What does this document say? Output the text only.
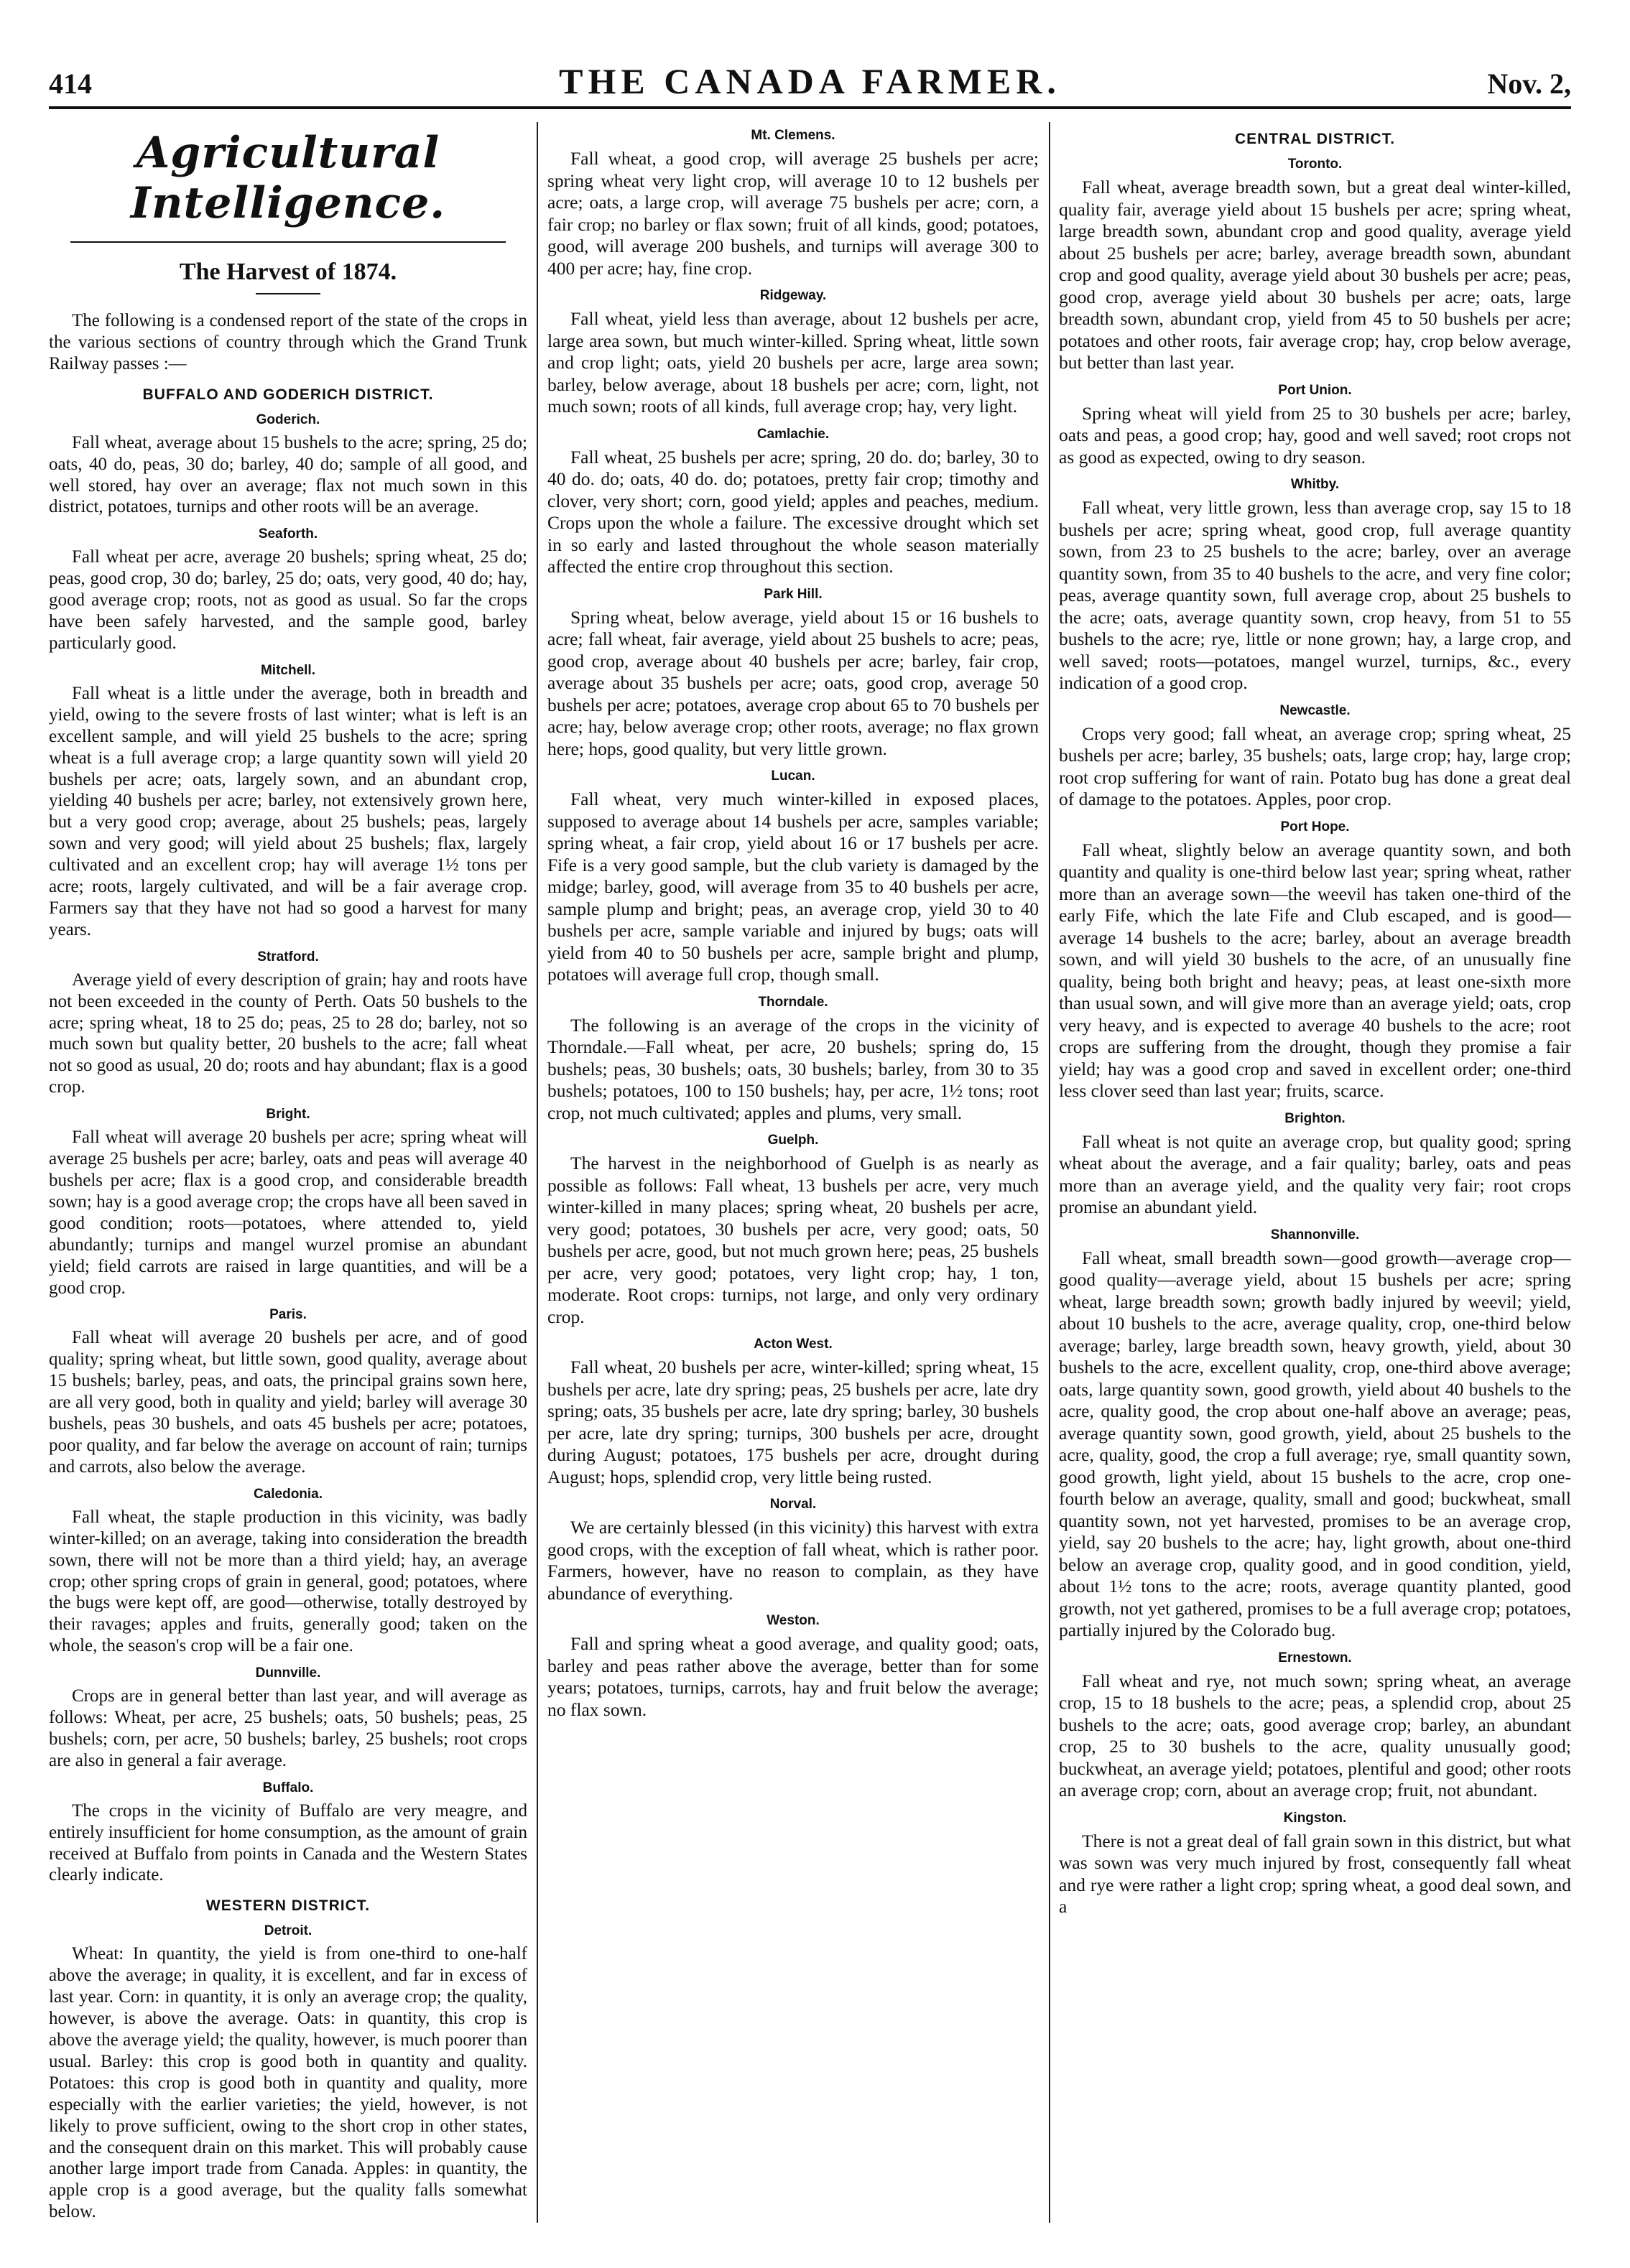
414	THE CANADA FARMER.	Nov. 2,
Agricultural Intelligence.
The Harvest of 1874.

The following is a condensed report of the state of the crops in the various sections of country through which the Grand Trunk Railway passes :—

BUFFALO AND GODERICH DISTRICT.
Goderich.

Fall wheat, average about 15 bushels to the acre; spring, 25 do; oats, 40 do, peas, 30 do; barley, 40 do; sample of all good, and well stored, hay over an average; flax not much sown in this district, potatoes, turnips and other roots will be an average.

Seaforth.

Fall wheat per acre, average 20 bushels; spring wheat, 25 do; peas, good crop, 30 do; barley, 25 do; oats, very good, 40 do; hay, good average crop; roots, not as good as usual. So far the crops have been safely harvested, and the sample good, barley particularly good.

Mitchell.

Fall wheat is a little under the average, both in breadth and yield, owing to the severe frosts of last winter; what is left is an excellent sample, and will yield 25 bushels to the acre; spring wheat is a full average crop; a large quantity sown will yield 20 bushels per acre; oats, largely sown, and an abundant crop, yielding 40 bushels per acre; barley, not extensively grown here, but a very good crop; average, about 25 bushels; peas, largely sown and very good; will yield about 25 bushels; flax, largely cultivated and an excellent crop; hay will average 1½ tons per acre; roots, largely cultivated, and will be a fair average crop. Farmers say that they have not had so good a harvest for many years.

Stratford.

Average yield of every description of grain; hay and roots have not been exceeded in the county of Perth. Oats 50 bushels to the acre; spring wheat, 18 to 25 do; peas, 25 to 28 do; barley, not so much sown but quality better, 20 bushels to the acre; fall wheat not so good as usual, 20 do; roots and hay abundant; flax is a good crop.

Bright.

Fall wheat will average 20 bushels per acre; spring wheat will average 25 bushels per acre; barley, oats and peas will average 40 bushels per acre; flax is a good crop, and considerable breadth sown; hay is a good average crop; the crops have all been saved in good condition; roots—potatoes, where attended to, yield abundantly; turnips and mangel wurzel promise an abundant yield; field carrots are raised in large quantities, and will be a good crop.

Paris.

Fall wheat will average 20 bushels per acre, and of good quality; spring wheat, but little sown, good quality, average about 15 bushels; barley, peas, and oats, the principal grains sown here, are all very good, both in quality and yield; barley will average 30 bushels, peas 30 bushels, and oats 45 bushels per acre; potatoes, poor quality, and far below the average on account of rain; turnips and carrots, also below the average.

Caledonia.

Fall wheat, the staple production in this vicinity, was badly winter-killed; on an average, taking into consideration the breadth sown, there will not be more than a third yield; hay, an average crop; other spring crops of grain in general, good; potatoes, where the bugs were kept off, are good—otherwise, totally destroyed by their ravages; apples and fruits, generally good; taken on the whole, the season's crop will be a fair one.

Dunnville.

Crops are in general better than last year, and will average as follows: Wheat, per acre, 25 bushels; oats, 50 bushels; peas, 25 bushels; corn, per acre, 50 bushels; barley, 25 bushels; root crops are also in general a fair average.

Buffalo.

The crops in the vicinity of Buffalo are very meagre, and entirely insufficient for home consumption, as the amount of grain received at Buffalo from points in Canada and the Western States clearly indicate.

WESTERN DISTRICT.
Detroit.

Wheat: In quantity, the yield is from one-third to one-half above the average; in quality, it is excellent, and far in excess of last year. Corn: in quantity, it is only an average crop; the quality, however, is above the average. Oats: in quantity, this crop is above the average yield; the quality, however, is much poorer than usual. Barley: this crop is good both in quantity and quality. Potatoes: this crop is good both in quantity and quality, more especially with the earlier varieties; the yield, however, is not likely to prove sufficient, owing to the short crop in other states, and the consequent drain on this market. This will probably cause another large import trade from Canada. Apples: in quantity, the apple crop is a good average, but the quality falls somewhat below.

Mt. Clemens.

Fall wheat, a good crop, will average 25 bushels per acre; spring wheat very light crop, will average 10 to 12 bushels per acre; oats, a large crop, will average 75 bushels per acre; corn, a fair crop; no barley or flax sown; fruit of all kinds, good; potatoes, good, will average 200 bushels, and turnips will average 300 to 400 per acre; hay, fine crop.

Ridgeway.

Fall wheat, yield less than average, about 12 bushels per acre, large area sown, but much winter-killed. Spring wheat, little sown and crop light; oats, yield 20 bushels per acre, large area sown; barley, below average, about 18 bushels per acre; corn, light, not much sown; roots of all kinds, full average crop; hay, very light.

Camlachie.

Fall wheat, 25 bushels per acre; spring, 20 do. do; barley, 30 to 40 do. do; oats, 40 do. do; potatoes, pretty fair crop; timothy and clover, very short; corn, good yield; apples and peaches, medium. Crops upon the whole a failure. The excessive drought which set in so early and lasted throughout the whole season materially affected the entire crop throughout this section.

Park Hill.

Spring wheat, below average, yield about 15 or 16 bushels to acre; fall wheat, fair average, yield about 25 bushels to acre; peas, good crop, average about 40 bushels per acre; barley, fair crop, average about 35 bushels per acre; oats, good crop, average 50 bushels per acre; potatoes, average crop about 65 to 70 bushels per acre; hay, below average crop; other roots, average; no flax grown here; hops, good quality, but very little grown.

Lucan.

Fall wheat, very much winter-killed in exposed places, supposed to average about 14 bushels per acre, samples variable; spring wheat, a fair crop, yield about 16 or 17 bushels per acre. Fife is a very good sample, but the club variety is damaged by the midge; barley, good, will average from 35 to 40 bushels per acre, sample plump and bright; peas, an average crop, yield 30 to 40 bushels per acre, sample variable and injured by bugs; oats will yield from 40 to 50 bushels per acre, sample bright and plump, potatoes will average full crop, though small.

Thorndale.

The following is an average of the crops in the vicinity of Thorndale.—Fall wheat, per acre, 20 bushels; spring do, 15 bushels; peas, 30 bushels; oats, 30 bushels; barley, from 30 to 35 bushels; potatoes, 100 to 150 bushels; hay, per acre, 1½ tons; root crop, not much cultivated; apples and plums, very small.

Guelph.

The harvest in the neighborhood of Guelph is as nearly as possible as follows: Fall wheat, 13 bushels per acre, very much winter-killed in many places; spring wheat, 20 bushels per acre, very good; potatoes, 30 bushels per acre, very good; oats, 50 bushels per acre, good, but not much grown here; peas, 25 bushels per acre, very good; potatoes, very light crop; hay, 1 ton, moderate. Root crops: turnips, not large, and only very ordinary crop.

Acton West.

Fall wheat, 20 bushels per acre, winter-killed; spring wheat, 15 bushels per acre, late dry spring; peas, 25 bushels per acre, late dry spring; oats, 35 bushels per acre, late dry spring; barley, 30 bushels per acre, late dry spring; turnips, 300 bushels per acre, drought during August; potatoes, 175 bushels per acre, drought during August; hops, splendid crop, very little being rusted.

Norval.

We are certainly blessed (in this vicinity) this harvest with extra good crops, with the exception of fall wheat, which is rather poor. Farmers, however, have no reason to complain, as they have abundance of everything.

Weston.

Fall and spring wheat a good average, and quality good; oats, barley and peas rather above the average, better than for some years; potatoes, turnips, carrots, hay and fruit below the average; no flax sown.

CENTRAL DISTRICT.
Toronto.

Fall wheat, average breadth sown, but a great deal winter-killed, quality fair, average yield about 15 bushels per acre; spring wheat, large breadth sown, abundant crop and good quality, average yield about 25 bushels per acre; barley, average breadth sown, abundant crop and good quality, average yield about 30 bushels per acre; peas, good crop, average yield about 30 bushels per acre; oats, large breadth sown, abundant crop, yield from 45 to 50 bushels per acre; potatoes and other roots, fair average crop; hay, crop below average, but better than last year.

Port Union.

Spring wheat will yield from 25 to 30 bushels per acre; barley, oats and peas, a good crop; hay, good and well saved; root crops not as good as expected, owing to dry season.

Whitby.

Fall wheat, very little grown, less than average crop, say 15 to 18 bushels per acre; spring wheat, good crop, full average quantity sown, from 23 to 25 bushels to the acre; barley, over an average quantity sown, from 35 to 40 bushels to the acre, and very fine color; peas, average quantity sown, full average crop, about 25 bushels to the acre; oats, average quantity sown, crop heavy, from 51 to 55 bushels to the acre; rye, little or none grown; hay, a large crop, and well saved; roots—potatoes, mangel wurzel, turnips, &c., every indication of a good crop.

Newcastle.

Crops very good; fall wheat, an average crop; spring wheat, 25 bushels per acre; barley, 35 bushels; oats, large crop; hay, large crop; root crop suffering for want of rain. Potato bug has done a great deal of damage to the potatoes. Apples, poor crop.

Port Hope.

Fall wheat, slightly below an average quantity sown, and both quantity and quality is one-third below last year; spring wheat, rather more than an average sown—the weevil has taken one-third of the early Fife, which the late Fife and Club escaped, and is good—average 14 bushels to the acre; barley, about an average breadth sown, and will yield 30 bushels to the acre, of an unusually fine quality, being both bright and heavy; peas, at least one-sixth more than usual sown, and will give more than an average yield; oats, crop very heavy, and is expected to average 40 bushels to the acre; root crops are suffering from the drought, though they promise a fair yield; hay was a good crop and saved in excellent order; one-third less clover seed than last year; fruits, scarce.

Brighton.

Fall wheat is not quite an average crop, but quality good; spring wheat about the average, and a fair quality; barley, oats and peas more than an average yield, and the quality very fair; root crops promise an abundant yield.

Shannonville.

Fall wheat, small breadth sown—good growth—average crop—good quality—average yield, about 15 bushels per acre; spring wheat, large breadth sown; growth badly injured by weevil; yield, about 10 bushels to the acre, average quality, crop, one-third below average; barley, large breadth sown, heavy growth, yield, about 30 bushels to the acre, excellent quality, crop, one-third above average; oats, large quantity sown, good growth, yield about 40 bushels to the acre, quality good, the crop about one-half above an average; peas, average quantity sown, good growth, yield, about 25 bushels to the acre, quality, good, the crop a full average; rye, small quantity sown, good growth, light yield, about 15 bushels to the acre, crop one-fourth below an average, quality, small and good; buckwheat, small quantity sown, not yet harvested, promises to be an average crop, yield, say 20 bushels to the acre; hay, light growth, about one-third below an average crop, quality good, and in good condition, yield, about 1½ tons to the acre; roots, average quantity planted, good growth, not yet gathered, promises to be a full average crop; potatoes, partially injured by the Colorado bug.

Ernestown.

Fall wheat and rye, not much sown; spring wheat, an average crop, 15 to 18 bushels to the acre; peas, a splendid crop, about 25 bushels to the acre; oats, good average crop; barley, an abundant crop, 25 to 30 bushels to the acre, quality unusually good; buckwheat, an average yield; potatoes, plentiful and good; other roots an average crop; corn, about an average crop; fruit, not abundant.

Kingston.

There is not a great deal of fall grain sown in this district, but what was sown was very much injured by frost, consequently fall wheat and rye were rather a light crop; spring wheat, a good deal sown, and a
